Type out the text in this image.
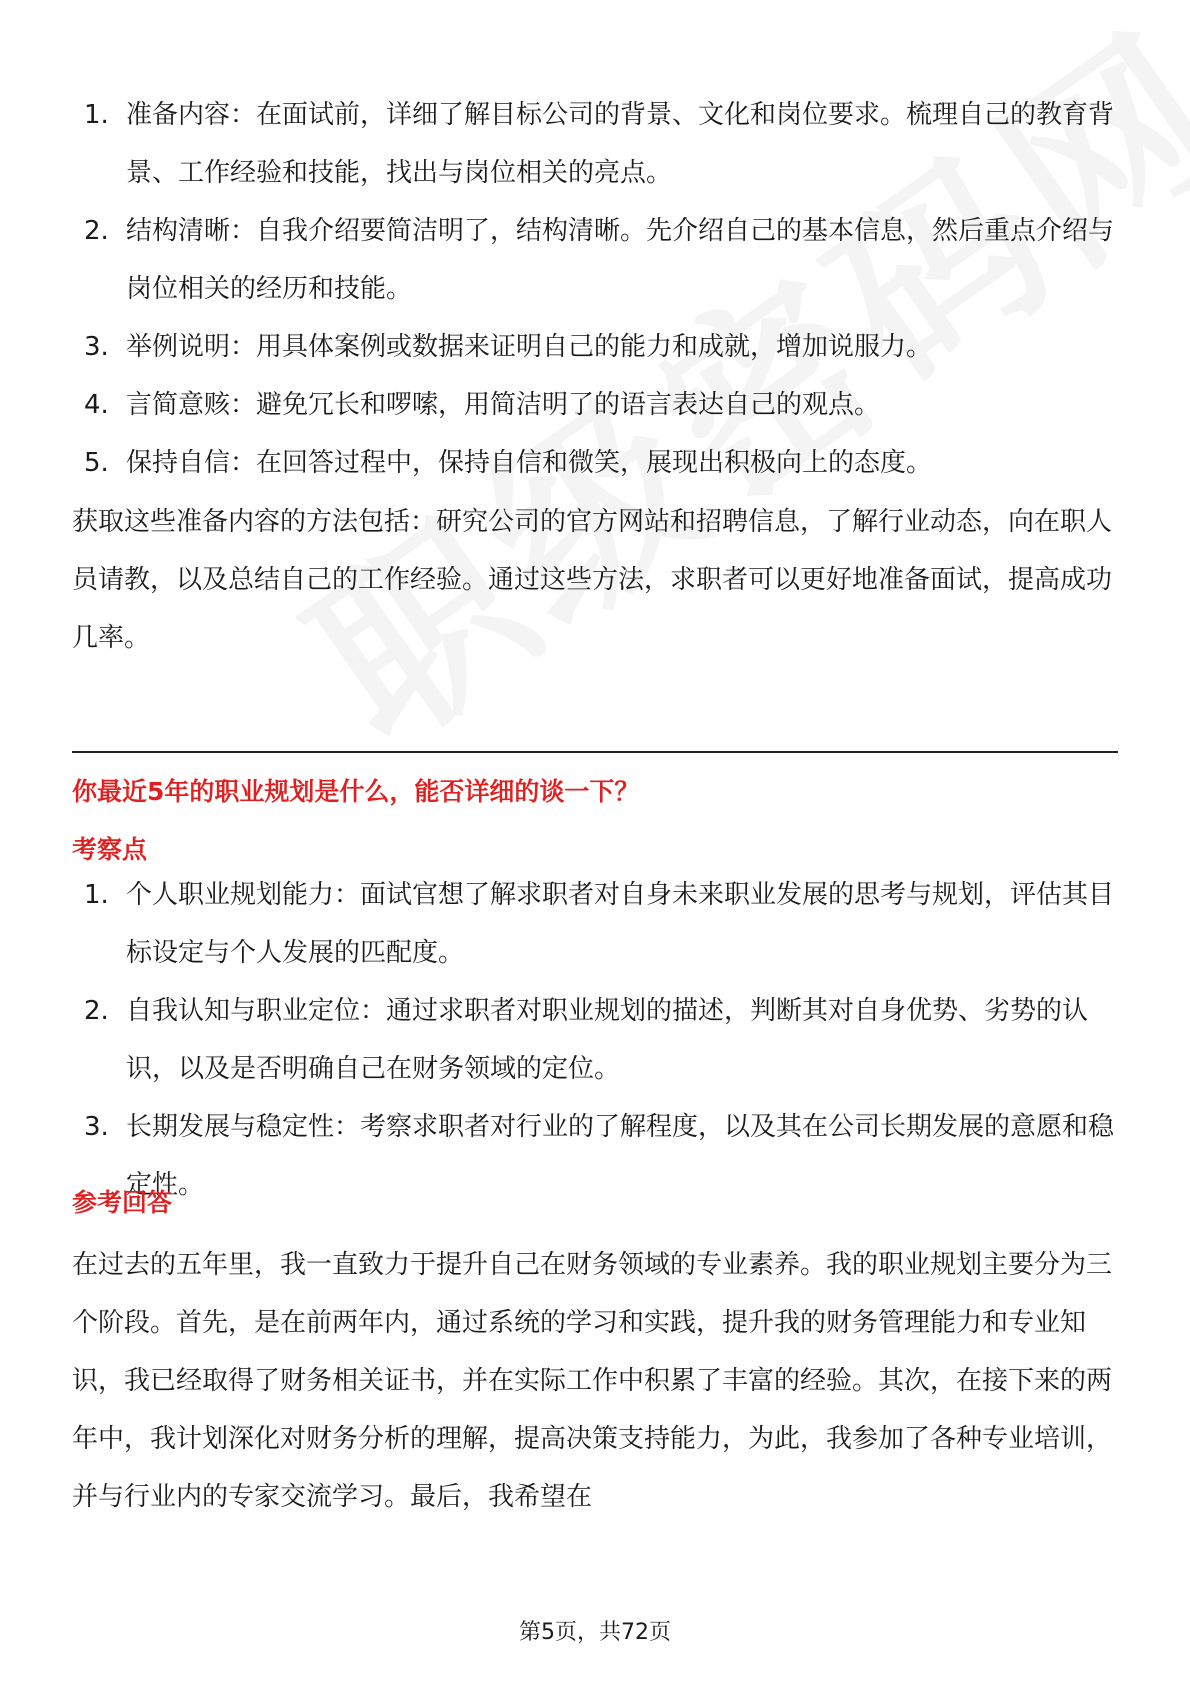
1. 准备内容：在面试前，详细了解目标公司的背景、文化和岗位要求。梳理自己的教育背景、工作经验和技能，找出与岗位相关的亮点。
2. 结构清晰：自我介绍要简洁明了，结构清晰。先介绍自己的基本信息，然后重点介绍与岗位相关的经历和技能。
3. 举例说明：用具体案例或数据来证明自己的能力和成就，增加说服力。
4. 言简意赅：避免冗长和啰嗦，用简洁明了的语言表达自己的观点。
5. 保持自信：在回答过程中，保持自信和微笑，展现出积极向上的态度。

获取这些准备内容的方法包括：研究公司的官方网站和招聘信息，了解行业动态，向在职人员请教，以及总结自己的工作经验。通过这些方法，求职者可以更好地准备面试，提高成功几率。

你最近5年的职业规划是什么，能否详细的谈一下？
考察点
1. 个人职业规划能力：面试官想了解求职者对自身未来职业发展的思考与规划，评估其目标设定与个人发展的匹配度。
2. 自我认知与职业定位：通过求职者对职业规划的描述，判断其对自身优势、劣势的认识，以及是否明确自己在财务领域的定位。
3. 长期发展与稳定性：考察求职者对行业的了解程度，以及其在公司长期发展的意愿和稳定性。
参考回答

在过去的五年里，我一直致力于提升自己在财务领域的专业素养。我的职业规划主要分为三个阶段。首先，是在前两年内，通过系统的学习和实践，提升我的财务管理能力和专业知识，我已经取得了财务相关证书，并在实际工作中积累了丰富的经验。其次，在接下来的两年中，我计划深化对财务分析的理解，提高决策支持能力，为此，我参加了各种专业培训，并与行业内的专家交流学习。最后，我希望在

第5页，共72页
